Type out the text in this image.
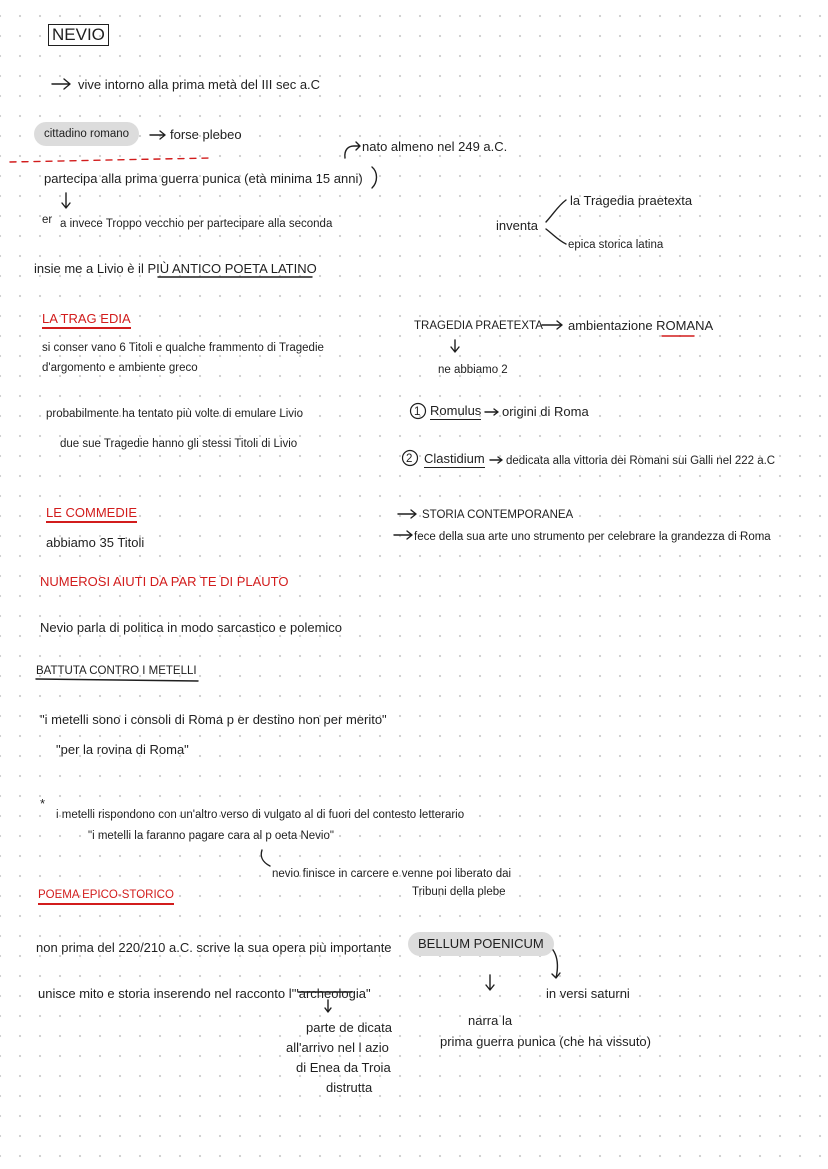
NEVIO
vive intorno alla prima metà del III sec a.C
cittadino romano	forse plebeo
nato almeno nel 249 a.C.
partecipa alla prima guerra punica (età minima 15 anni)
er a invece Troppo vecchio per partecipare alla seconda
insie me a Livio è il PIÙ ANTICO POETA LATINO
inventa
la Tragedia praetexta
epica storica latina
LA TRAG EDIA
si conser vano 6 Titoli e qualche frammento di Tragedie
d'argomento e ambiente greco
probabilmente ha tentato più volte di emulare Livio
due sue Tragedie hanno gli stessi Titoli di Livio
TRAGEDIA PRAETEXTA ambientazione ROMANA
ne abbiamo 2
1 Romulus origini di Roma
2 Clastidium dedicata alla vittoria dei Romani sui Galli nel 222 a.C
STORIA CONTEMPORANEA
fece della sua arte uno strumento per celebrare la grandezza di Roma
LE COMMEDIE
abbiamo 35 Titoli
NUMEROSI AIUTI DA PAR TE DI PLAUTO
Nevio parla di politica in modo sarcastico e polemico
BATTUTA CONTRO I METELLI
"i metelli sono i consoli di Roma p er destino non per merito"
"per la rovina di Roma"
*
i metelli rispondono con un'altro verso di vulgato al di fuori del contesto letterario
"i metelli la faranno pagare cara al p oeta Nevio"
nevio finisce in carcere e venne poi liberato dai
Tribuni della plebe
POEMA EPICO-STORICO
non prima del 220/210 a.C. scrive la sua opera più importante	BELLUM POENICUM
in versi saturni
unisce mito e storia inserendo nel racconto l'"archeologia"
parte de dicata
all'arrivo nel l azio
di Enea da Troia
distrutta
narra la
prima guerra punica (che ha vissuto)
